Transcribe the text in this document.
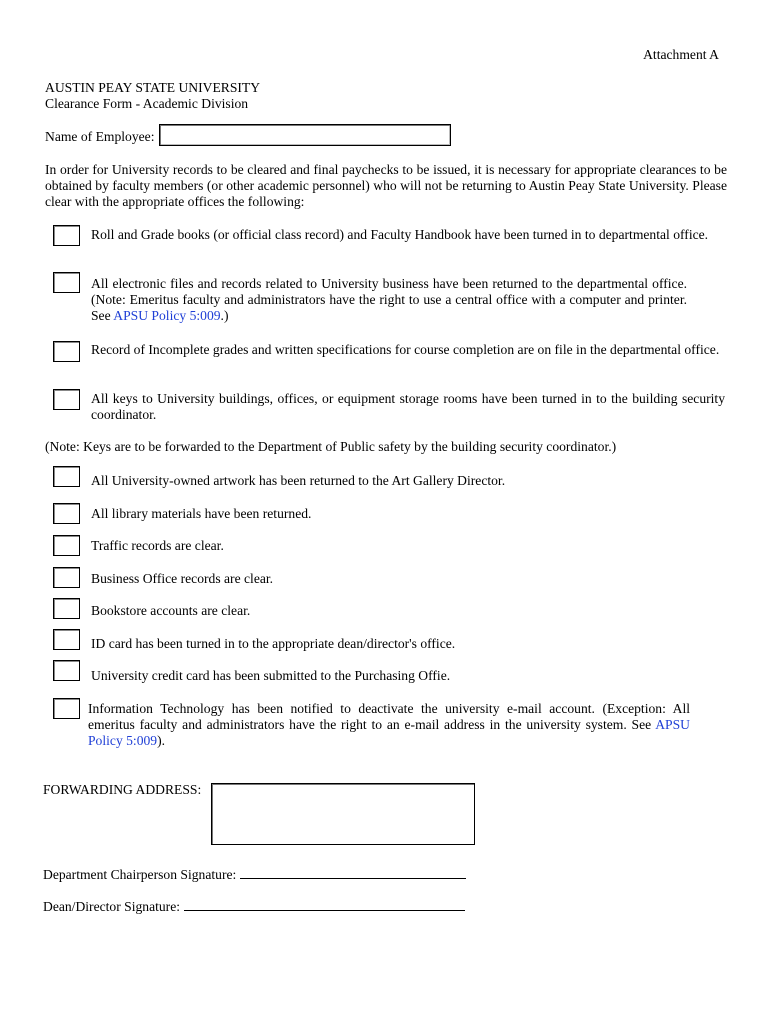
Attachment A
AUSTIN PEAY STATE UNIVERSITY
Clearance Form - Academic Division
Name of Employee:
In order for University records to be cleared and final paychecks to be issued, it is necessary for appropriate clearances to be obtained by faculty members (or other academic personnel) who will not be returning to Austin Peay State University. Please clear with the appropriate offices the following:
Roll and Grade books (or official class record) and Faculty Handbook have been turned in to departmental office.
All electronic files and records related to University business have been returned to the departmental office. (Note: Emeritus faculty and administrators have the right to use a central office with a computer and printer. See APSU Policy 5:009.)
Record of Incomplete grades and written specifications for course completion are on file in the departmental office.
All keys to University buildings, offices, or equipment storage rooms have been turned in to the building security coordinator.
(Note: Keys are to be forwarded to the Department of Public safety by the building security coordinator.)
All University-owned artwork has been returned to the Art Gallery Director.
All library materials have been returned.
Traffic records are clear.
Business Office records are clear.
Bookstore accounts are clear.
ID card has been turned in to the appropriate dean/director's office.
University credit card has been submitted to the Purchasing Offie.
Information Technology has been notified to deactivate the university e-mail account. (Exception: All emeritus faculty and administrators have the right to an e-mail address in the university system. See APSU Policy 5:009).
FORWARDING ADDRESS:
Department Chairperson Signature:
Dean/Director Signature:
